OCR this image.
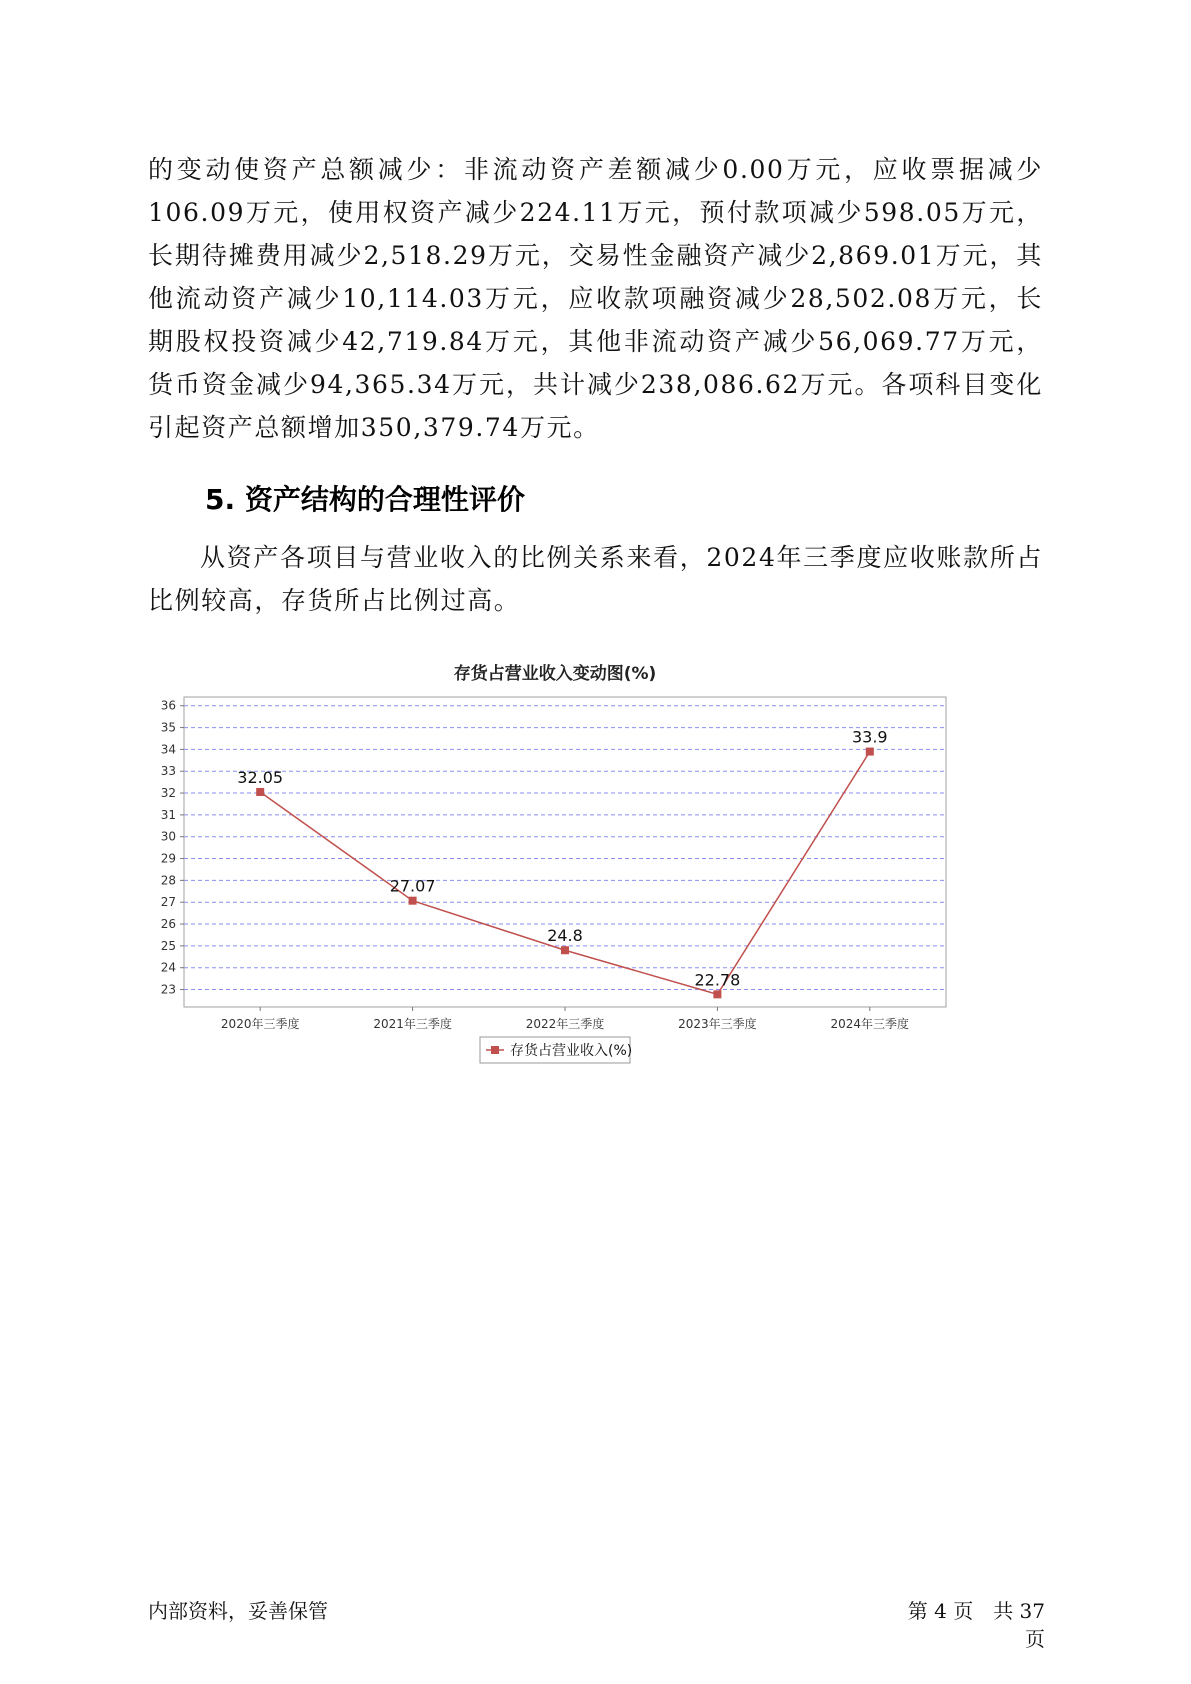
的变动使资产总额减少：非流动资产差额减少0.00万元，应收票据减少106.09万元，使用权资产减少224.11万元，预付款项减少598.05万元，长期待摊费用减少2,518.29万元，交易性金融资产减少2,869.01万元，其他流动资产减少10,114.03万元，应收款项融资减少28,502.08万元，长期股权投资减少42,719.84万元，其他非流动资产减少56,069.77万元，货币资金减少94,365.34万元，共计减少238,086.62万元。各项科目变化引起资产总额增加350,379.74万元。

5. 资产结构的合理性评价

从资产各项目与营业收入的比例关系来看，2024年三季度应收账款所占比例较高，存货所占比例过高。

存货占营业收入变动图(%)
23
24
25
26
27
28
29
30
31
32
33
34
35
36
2020年三季度	2021年三季度	2022年三季度	2023年三季度	2024年三季度
32.05
27.07
24.8
22.78
33.9
存货占营业收入(%)
内部资料，妥善保管	第 4 页　共 37 页
